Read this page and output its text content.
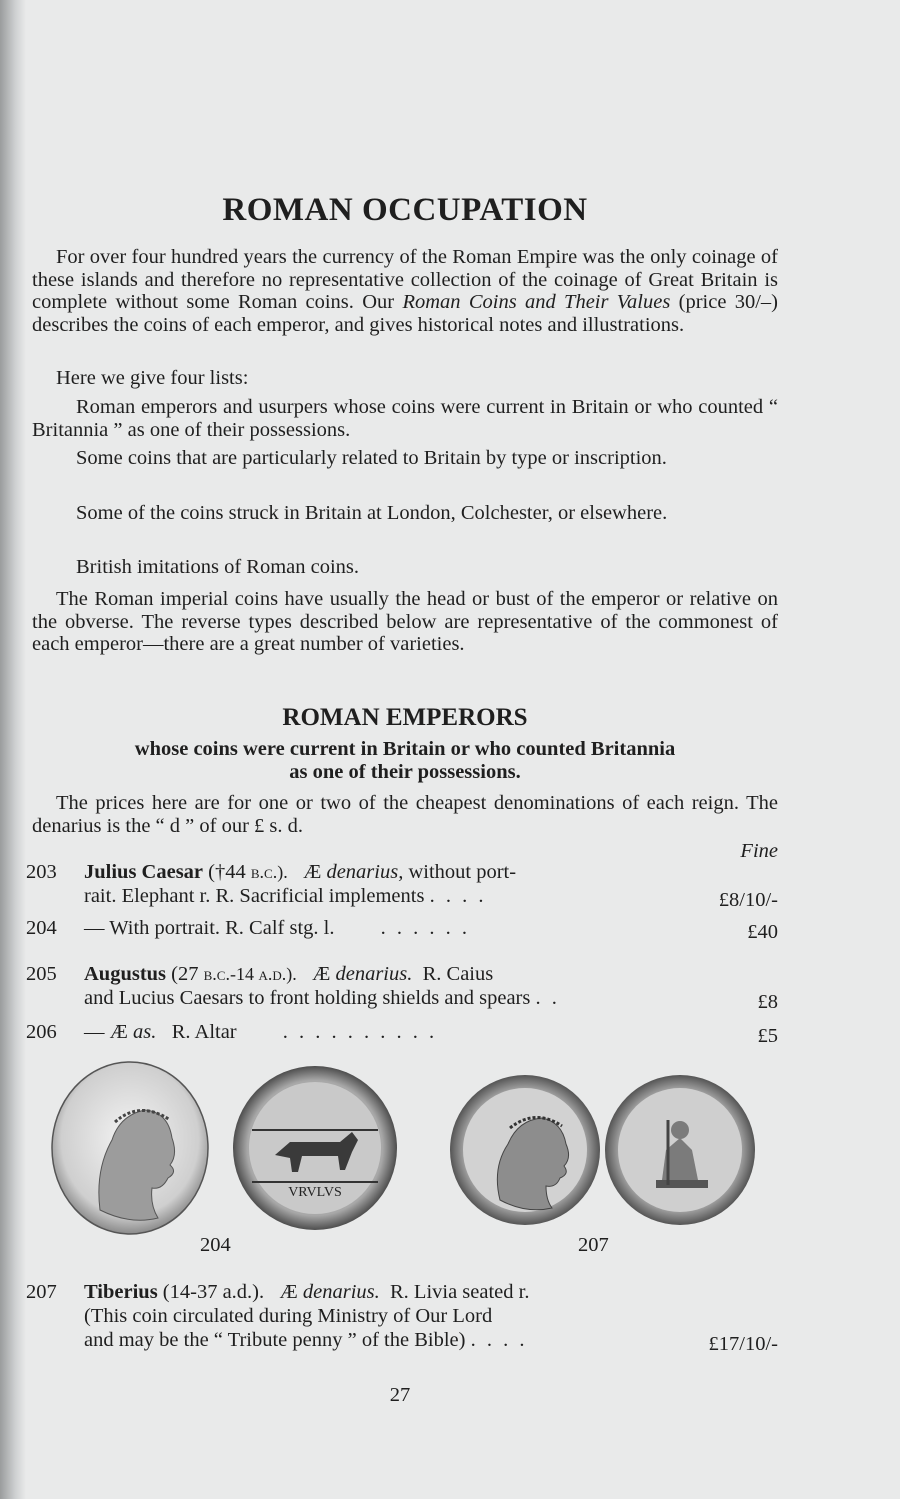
ROMAN OCCUPATION

For over four hundred years the currency of the Roman Empire was the only coinage of these islands and therefore no representative collection of the coinage of Great Britain is complete without some Roman coins. Our Roman Coins and Their Values (price 30/–) describes the coins of each emperor, and gives historical notes and illustrations.

Here we give four lists:

Roman emperors and usurpers whose coins were current in Britain or who counted “ Britannia ” as one of their possessions.

Some coins that are particularly related to Britain by type or inscription.

Some of the coins struck in Britain at London, Colchester, or elsewhere.

British imitations of Roman coins.

The Roman imperial coins have usually the head or bust of the emperor or relative on the obverse. The reverse types described below are representative of the commonest of each emperor—there are a great number of varieties.

ROMAN EMPERORS
whose coins were current in Britain or who counted Britannia
as one of their possessions.

The prices here are for one or two of the cheapest denominations of each reign. The denarius is the “ d ” of our £ s. d.

Fine
203	Julius Caesar (†44 b.c.). Æ denarius, without port-
rait. Elephant r. R. Sacrificial implements . . . .	£8/10/-
204	— With portrait. R. Calf stg. l. . . . . . .	£40
205	Augustus (27 b.c.-14 a.d.). Æ denarius. R. Caius
and Lucius Caesars to front holding shields and spears . .	£8
206	— Æ as. R. Altar . . . . . . . . . .	£5
VRVLVS
204	207
207	Tiberius (14-37 a.d.). Æ denarius. R. Livia seated r.
(This coin circulated during Ministry of Our Lord
and may be the “ Tribute penny ” of the Bible) . . . .	£17/10/-
27
